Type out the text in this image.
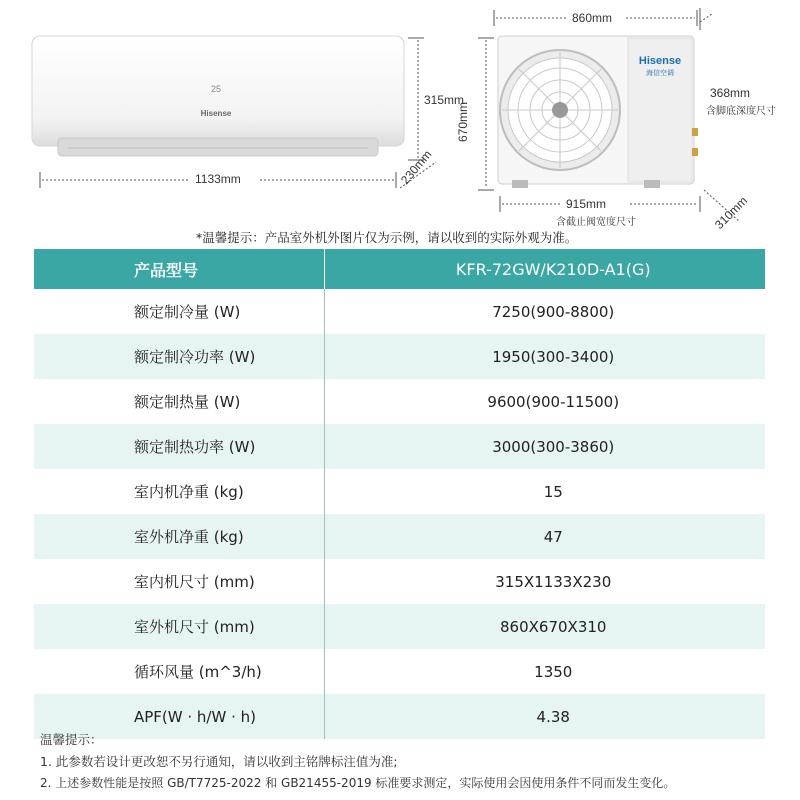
25
Hisense
1133mm
315mm
230mm
Hisense
海信空调
860mm
670mm
915mm
含截止阀宽度尺寸
368mm
含脚底深度尺寸
310mm
*温馨提示：产品室外机外图片仅为示例，请以收到的实际外观为准。
产品型号	KFR-72GW/K210D-A1(G)
额定制冷量 (W)	7250(900-8800)
额定制冷功率 (W)	1950(300-3400)
额定制热量 (W)	9600(900-11500)
额定制热功率 (W)	3000(300-3860)
室内机净重 (kg)	15
室外机净重 (kg)	47
室内机尺寸 (mm)	315X1133X230
室外机尺寸 (mm)	860X670X310
循环风量 (m^3/h)	1350
APF(W · h/W · h)	4.38
温馨提示：
1. 此参数若设计更改恕不另行通知，请以收到主铭牌标注值为准;
2. 上述参数性能是按照 GB/T7725-2022 和 GB21455-2019 标准要求测定，实际使用会因使用条件不同而发生变化。
